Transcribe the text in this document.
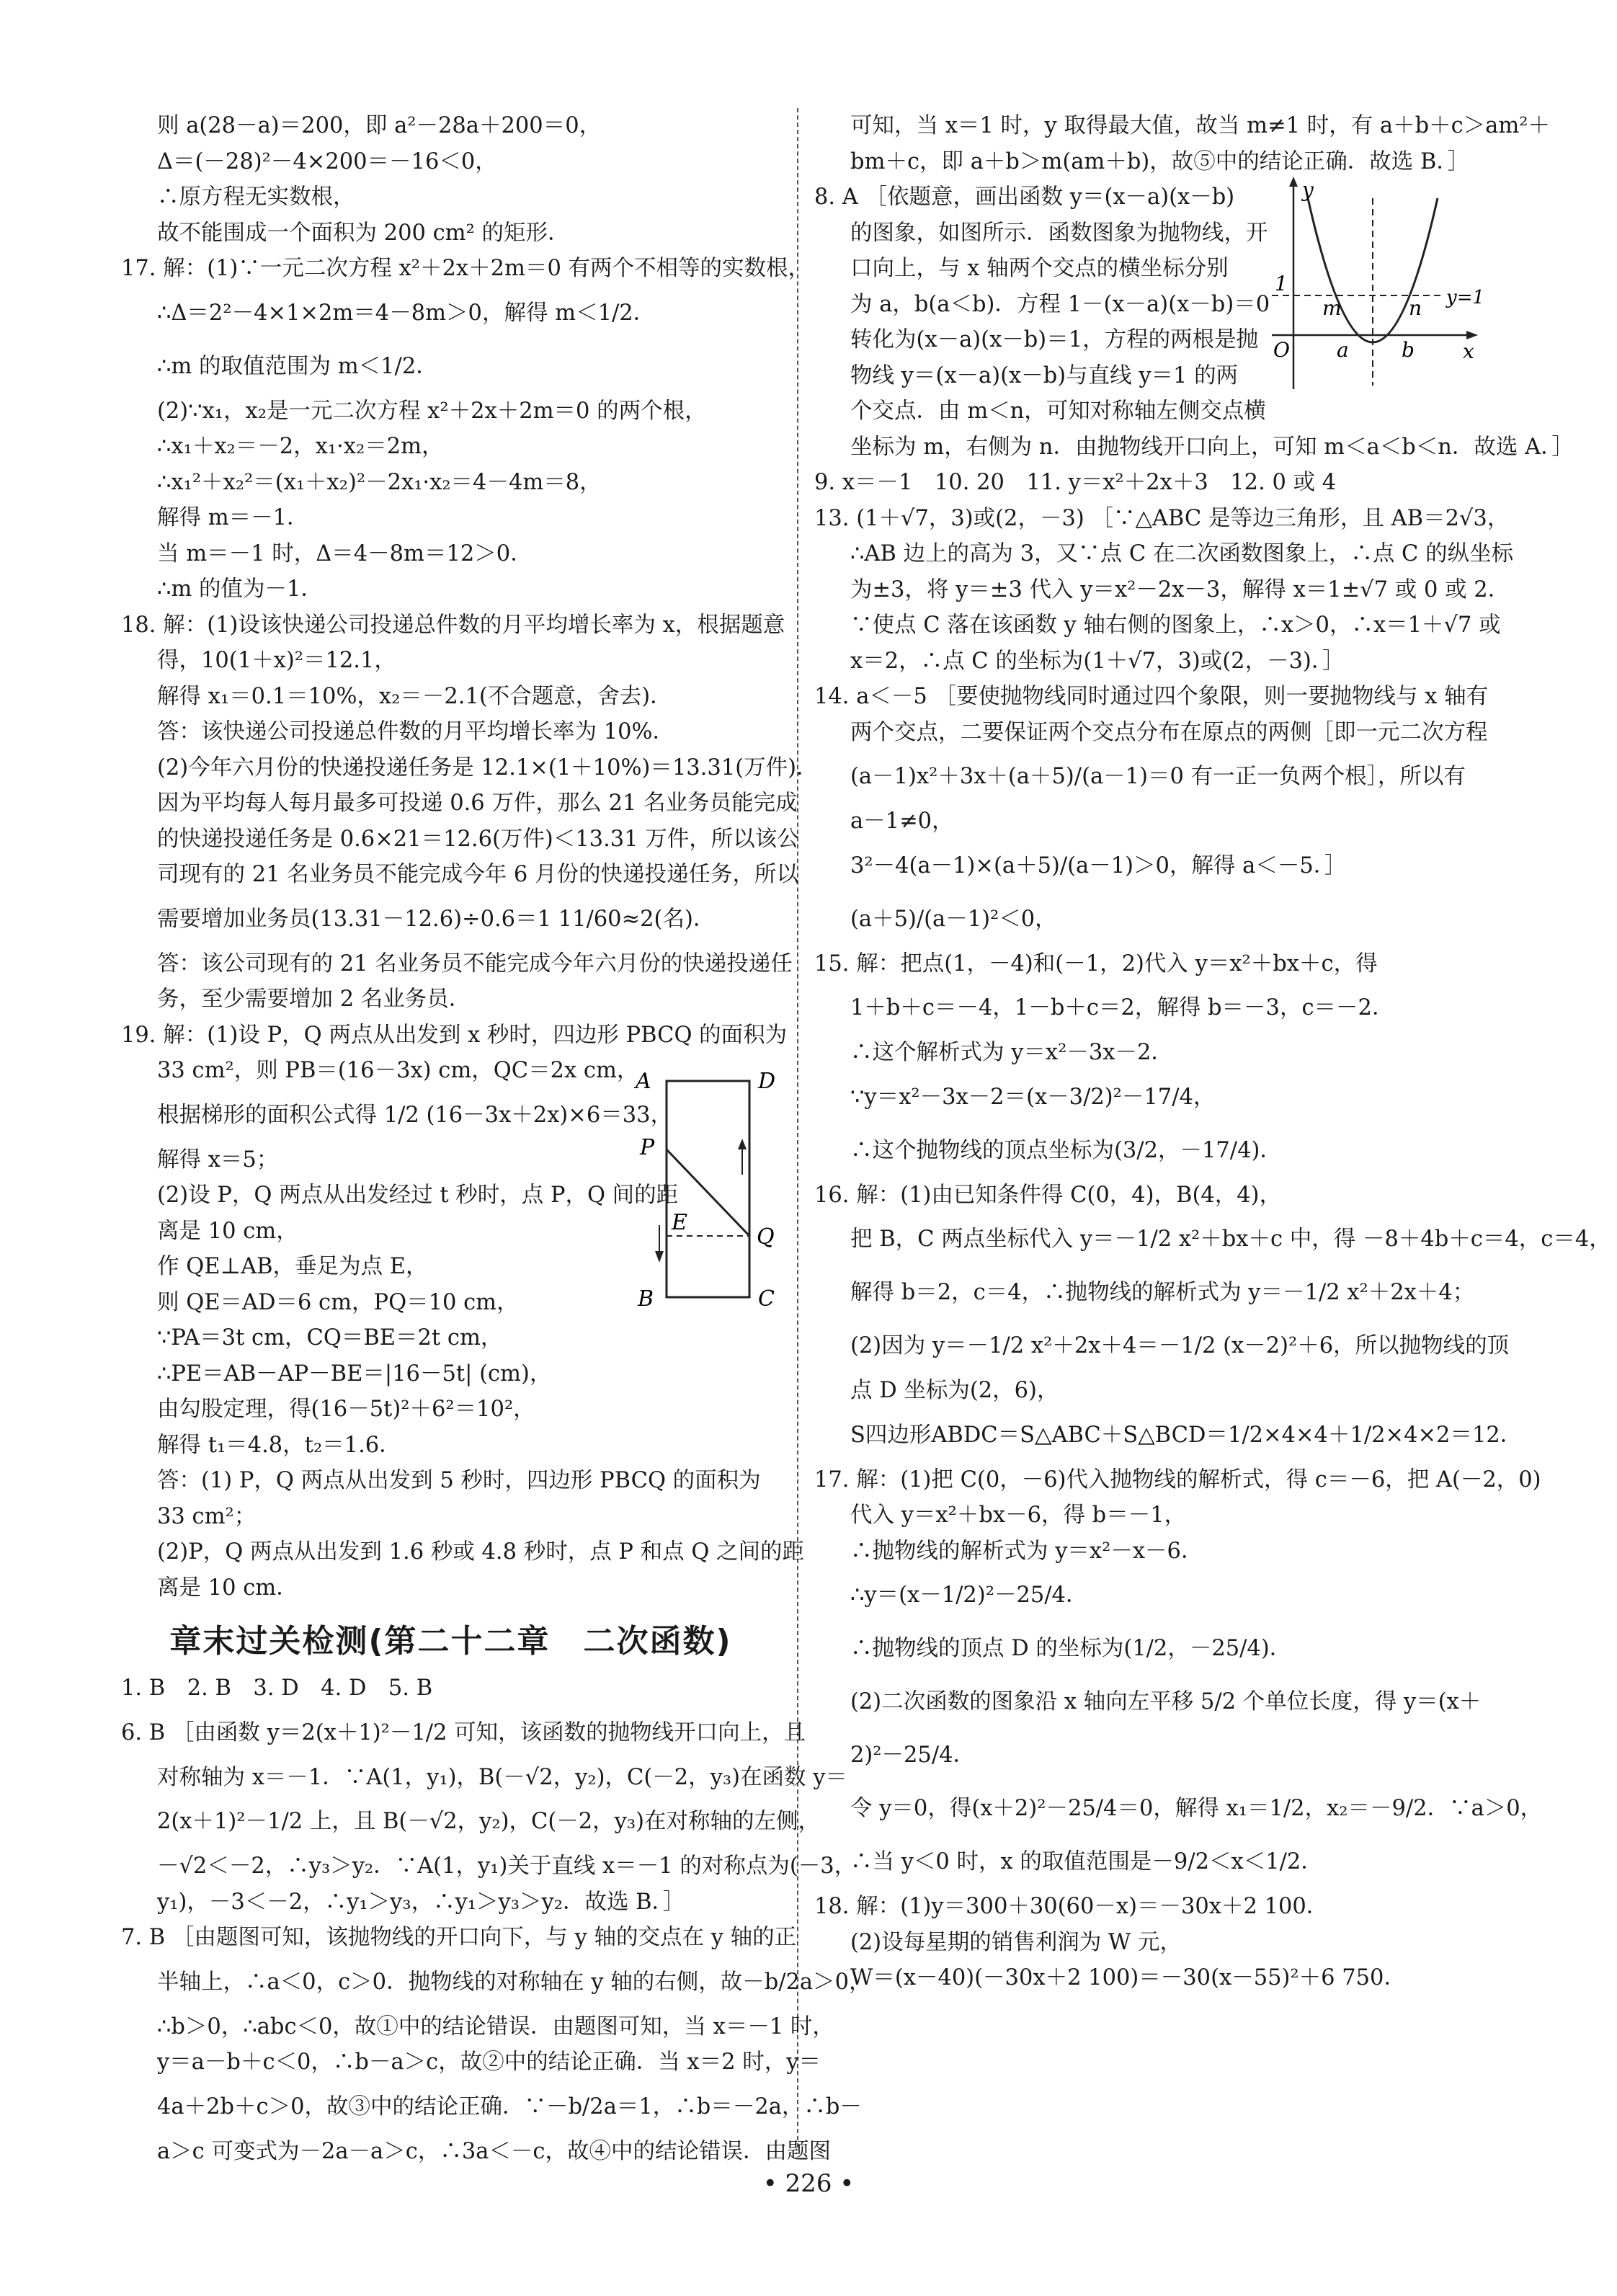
则 a(28－a)＝200，即 a²－28a＋200＝0，
Δ＝(－28)²－4×200＝－16＜0，
∴原方程无实数根，
故不能围成一个面积为 200 cm² 的矩形．
17. 解：(1)∵一元二次方程 x²＋2x＋2m＝0 有两个不相等的实数根，
∴Δ＝2²－4×1×2m＝4－8m＞0，解得 m＜1/2．
∴m 的取值范围为 m＜1/2．
(2)∵x₁，x₂是一元二次方程 x²＋2x＋2m＝0 的两个根，
∴x₁＋x₂＝－2，x₁·x₂＝2m，
∴x₁²＋x₂²＝(x₁＋x₂)²－2x₁·x₂＝4－4m＝8，
解得 m＝－1．
当 m＝－1 时，Δ＝4－8m＝12＞0．
∴m 的值为－1．
18. 解：(1)设该快递公司投递总件数的月平均增长率为 x，根据题意
得，10(1＋x)²＝12.1，
解得 x₁＝0.1＝10%，x₂＝－2.1(不合题意，舍去)．
答：该快递公司投递总件数的月平均增长率为 10%．
(2)今年六月份的快递投递任务是 12.1×(1＋10%)＝13.31(万件)．
因为平均每人每月最多可投递 0.6 万件，那么 21 名业务员能完成
的快递投递任务是 0.6×21＝12.6(万件)＜13.31 万件，所以该公
司现有的 21 名业务员不能完成今年 6 月份的快递投递任务，所以
需要增加业务员(13.31－12.6)÷0.6＝1 11/60≈2(名)．
答：该公司现有的 21 名业务员不能完成今年六月份的快递投递任
务，至少需要增加 2 名业务员．
19. 解：(1)设 P，Q 两点从出发到 x 秒时，四边形 PBCQ 的面积为
33 cm²，则 PB＝(16－3x) cm，QC＝2x cm，
根据梯形的面积公式得 1/2 (16－3x＋2x)×6＝33，
解得 x＝5；
(2)设 P，Q 两点从出发经过 t 秒时，点 P，Q 间的距
离是 10 cm，
作 QE⊥AB，垂足为点 E，
则 QE＝AD＝6 cm，PQ＝10 cm，
∵PA＝3t cm，CQ＝BE＝2t cm，
∴PE＝AB－AP－BE＝|16－5t| (cm)，
由勾股定理，得(16－5t)²＋6²＝10²，
解得 t₁＝4.8，t₂＝1.6．
答：(1) P，Q 两点从出发到 5 秒时，四边形 PBCQ 的面积为
33 cm²；
(2)P，Q 两点从出发到 1.6 秒或 4.8 秒时，点 P 和点 Q 之间的距
离是 10 cm．
章末过关检测(第二十二章　二次函数)
1. B　2. B　3. D　4. D　5. B
6. B ［由函数 y＝2(x＋1)²－1/2 可知，该函数的抛物线开口向上，且
对称轴为 x＝－1．∵A(1，y₁)，B(－√2，y₂)，C(－2，y₃)在函数 y＝
2(x＋1)²－1/2 上，且 B(－√2，y₂)，C(－2，y₃)在对称轴的左侧，
－√2＜－2，∴y₃＞y₂．∵A(1，y₁)关于直线 x＝－1 的对称点为(－3，
y₁)，－3＜－2，∴y₁＞y₃，∴y₁＞y₃＞y₂．故选 B．］
7. B ［由题图可知，该抛物线的开口向下，与 y 轴的交点在 y 轴的正
半轴上，∴a＜0，c＞0．抛物线的对称轴在 y 轴的右侧，故－b/2a＞0，
∴b＞0，∴abc＜0，故①中的结论错误．由题图可知，当 x＝－1 时，
y＝a－b＋c＜0，∴b－a＞c，故②中的结论正确．当 x＝2 时，y＝
4a＋2b＋c＞0，故③中的结论正确．∵－b/2a＝1，∴b＝－2a，∴b－
a＞c 可变式为－2a－a＞c，∴3a＜－c，故④中的结论错误．由题图
A	D
P
E
Q
B	C
可知，当 x＝1 时，y 取得最大值，故当 m≠1 时，有 a＋b＋c＞am²＋
bm＋c，即 a＋b＞m(am＋b)，故⑤中的结论正确．故选 B．］
8. A ［依题意，画出函数 y＝(x－a)(x－b)
的图象，如图所示．函数图象为抛物线，开
口向上，与 x 轴两个交点的横坐标分别
为 a，b(a＜b)．方程 1－(x－a)(x－b)＝0
转化为(x－a)(x－b)＝1，方程的两根是抛
物线 y＝(x－a)(x－b)与直线 y＝1 的两
个交点．由 m＜n，可知对称轴左侧交点横
坐标为 m，右侧为 n．由抛物线开口向上，可知 m＜a＜b＜n．故选 A．］
9. x＝－1　10. 20　11. y＝x²＋2x＋3　12. 0 或 4
13. (1＋√7，3)或(2，－3) ［∵△ABC 是等边三角形，且 AB＝2√3，
∴AB 边上的高为 3，又∵点 C 在二次函数图象上，∴点 C 的纵坐标
为±3，将 y＝±3 代入 y＝x²－2x－3，解得 x＝1±√7 或 0 或 2．
∵使点 C 落在该函数 y 轴右侧的图象上，∴x＞0，∴x＝1＋√7 或
x＝2，∴点 C 的坐标为(1＋√7，3)或(2，－3)．］
14. a＜－5 ［要使抛物线同时通过四个象限，则一要抛物线与 x 轴有
两个交点，二要保证两个交点分布在原点的两侧［即一元二次方程
(a－1)x²＋3x＋(a＋5)/(a－1)＝0 有一正一负两个根］，所以有
a－1≠0，
3²－4(a－1)×(a＋5)/(a－1)＞0，解得 a＜－5．］
(a＋5)/(a－1)²＜0，
15. 解：把点(1，－4)和(－1，2)代入 y＝x²＋bx＋c，得
1＋b＋c＝－4，1－b＋c＝2，解得 b＝－3，c＝－2．
∴这个解析式为 y＝x²－3x－2．
∵y＝x²－3x－2＝(x－3/2)²－17/4，
∴这个抛物线的顶点坐标为(3/2，－17/4)．
16. 解：(1)由已知条件得 C(0，4)，B(4，4)，
把 B，C 两点坐标代入 y＝－1/2 x²＋bx＋c 中，得 －8＋4b＋c＝4，c＝4，
解得 b＝2，c＝4，∴抛物线的解析式为 y＝－1/2 x²＋2x＋4；
(2)因为 y＝－1/2 x²＋2x＋4＝－1/2 (x－2)²＋6，所以抛物线的顶
点 D 坐标为(2，6)，
S四边形ABDC＝S△ABC＋S△BCD＝1/2×4×4＋1/2×4×2＝12．
17. 解：(1)把 C(0，－6)代入抛物线的解析式，得 c＝－6，把 A(－2，0)
代入 y＝x²＋bx－6，得 b＝－1，
∴抛物线的解析式为 y＝x²－x－6．
∴y＝(x－1/2)²－25/4．
∴抛物线的顶点 D 的坐标为(1/2，－25/4)．
(2)二次函数的图象沿 x 轴向左平移 5/2 个单位长度，得 y＝(x＋
2)²－25/4．
令 y＝0，得(x＋2)²－25/4＝0，解得 x₁＝1/2，x₂＝－9/2．∵a＞0，
∴当 y＜0 时，x 的取值范围是－9/2＜x＜1/2．
18. 解：(1)y＝300＋30(60－x)＝－30x＋2 100．
(2)设每星期的销售利润为 W 元，
W＝(x－40)(－30x＋2 100)＝－30(x－55)²＋6 750．
y
1
m	n y=1
O a	b x
• 226 •
